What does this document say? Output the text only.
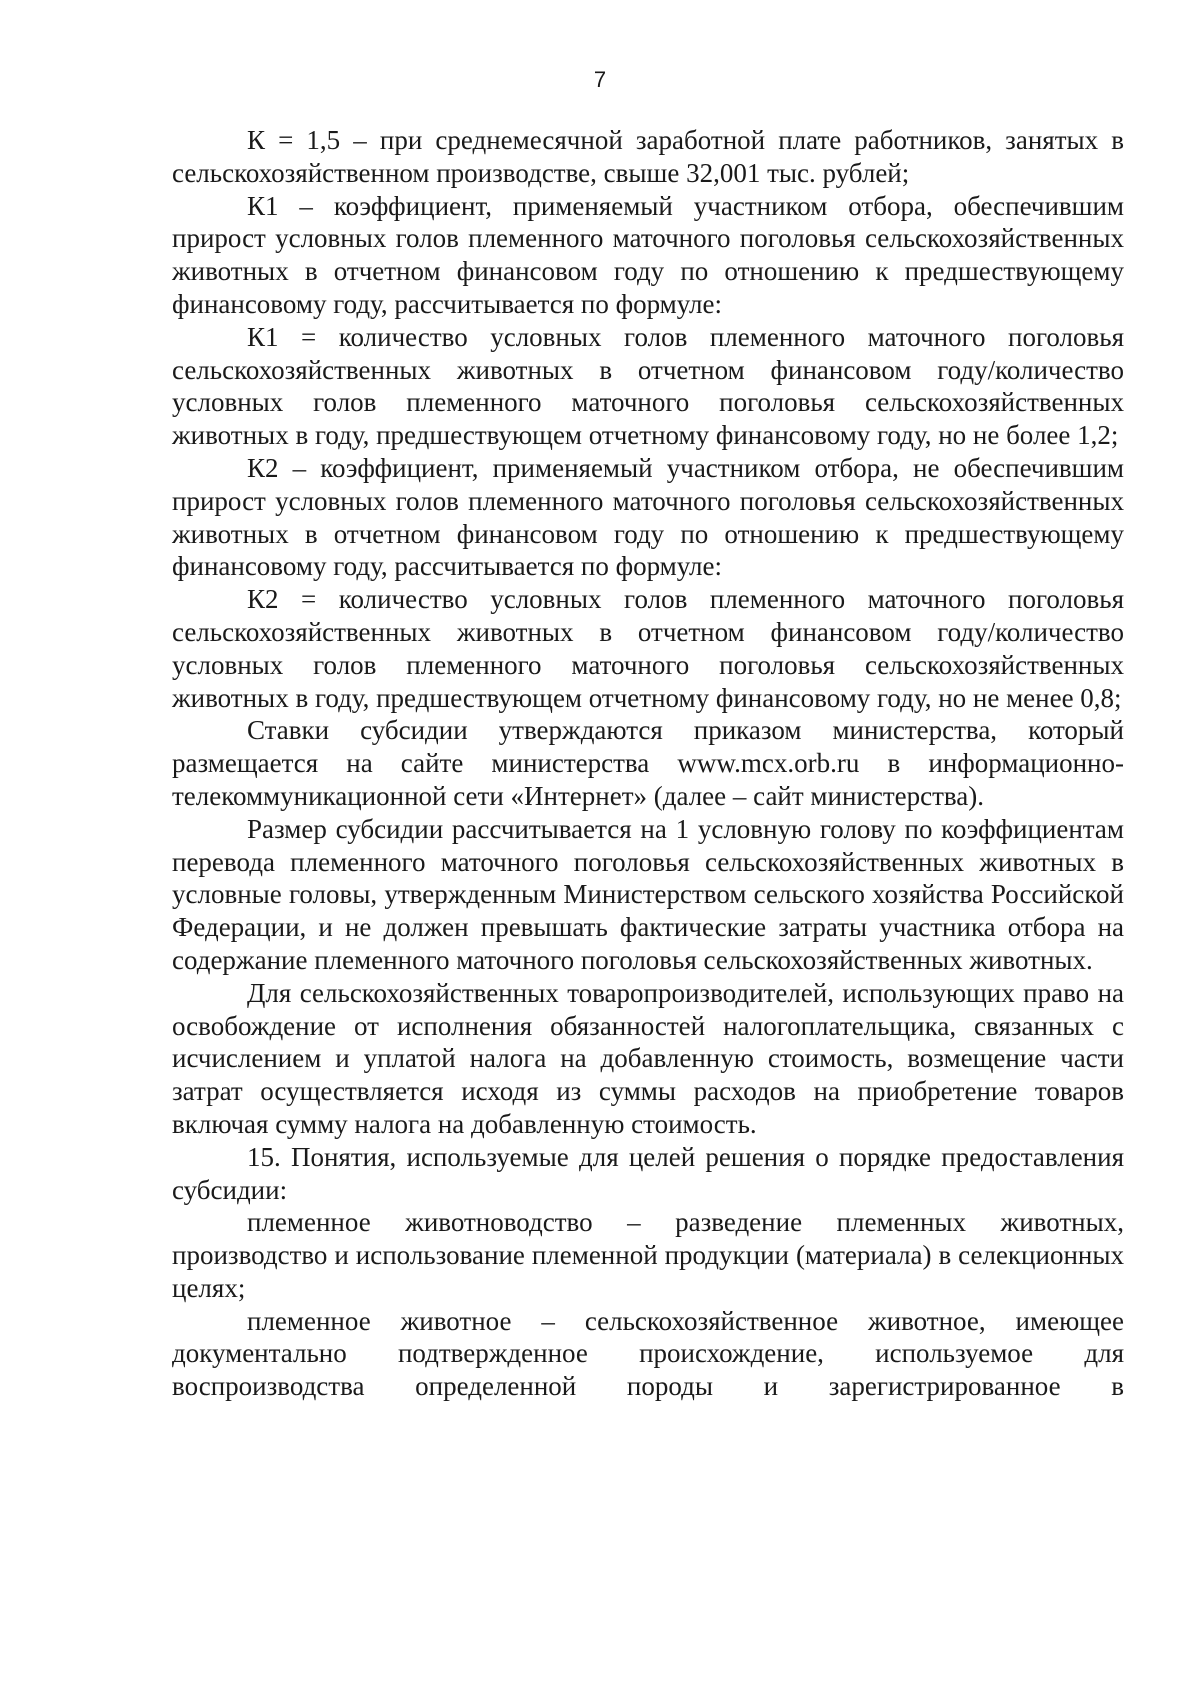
7

К = 1,5 – при среднемесячной заработной плате работников, занятых в сельскохозяйственном производстве, свыше 32,001 тыс. рублей;

К1 – коэффициент, применяемый участником отбора, обеспечившим прирост условных голов племенного маточного поголовья сельскохозяйственных животных в отчетном финансовом году по отношению к предшествующему финансовому году, рассчитывается по формуле:

К1 = количество условных голов племенного маточного поголовья сельскохозяйственных животных в отчетном финансовом году/количество условных голов племенного маточного поголовья сельскохозяйственных животных в году, предшествующем отчетному финансовому году, но не более 1,2;

К2 – коэффициент, применяемый участником отбора, не обеспечившим прирост условных голов племенного маточного поголовья сельскохозяйственных животных в отчетном финансовом году по отношению к предшествующему финансовому году, рассчитывается по формуле:

К2 = количество условных голов племенного маточного поголовья сельскохозяйственных животных в отчетном финансовом году/количество условных голов племенного маточного поголовья сельскохозяйственных животных в году, предшествующем отчетному финансовому году, но не менее 0,8;

Ставки субсидии утверждаются приказом министерства, который размещается на сайте министерства www.mcx.orb.ru в информационно-телекоммуникационной сети «Интернет» (далее – сайт министерства).

Размер субсидии рассчитывается на 1 условную голову по коэффициентам перевода племенного маточного поголовья сельскохозяйственных животных в условные головы, утвержденным Министерством сельского хозяйства Российской Федерации, и не должен превышать фактические затраты участника отбора на содержание племенного маточного поголовья сельскохозяйственных животных.

Для сельскохозяйственных товаропроизводителей, использующих право на освобождение от исполнения обязанностей налогоплательщика, связанных с исчислением и уплатой налога на добавленную стоимость, возмещение части затрат осуществляется исходя из суммы расходов на приобретение товаров включая сумму налога на добавленную стоимость.

15. Понятия, используемые для целей решения о порядке предоставления субсидии:

племенное животноводство – разведение племенных животных, производство и использование племенной продукции (материала) в селекционных целях;

племенное животное – сельскохозяйственное животное, имеющее документально подтвержденное происхождение, используемое для воспроизводства определенной породы и зарегистрированное в
